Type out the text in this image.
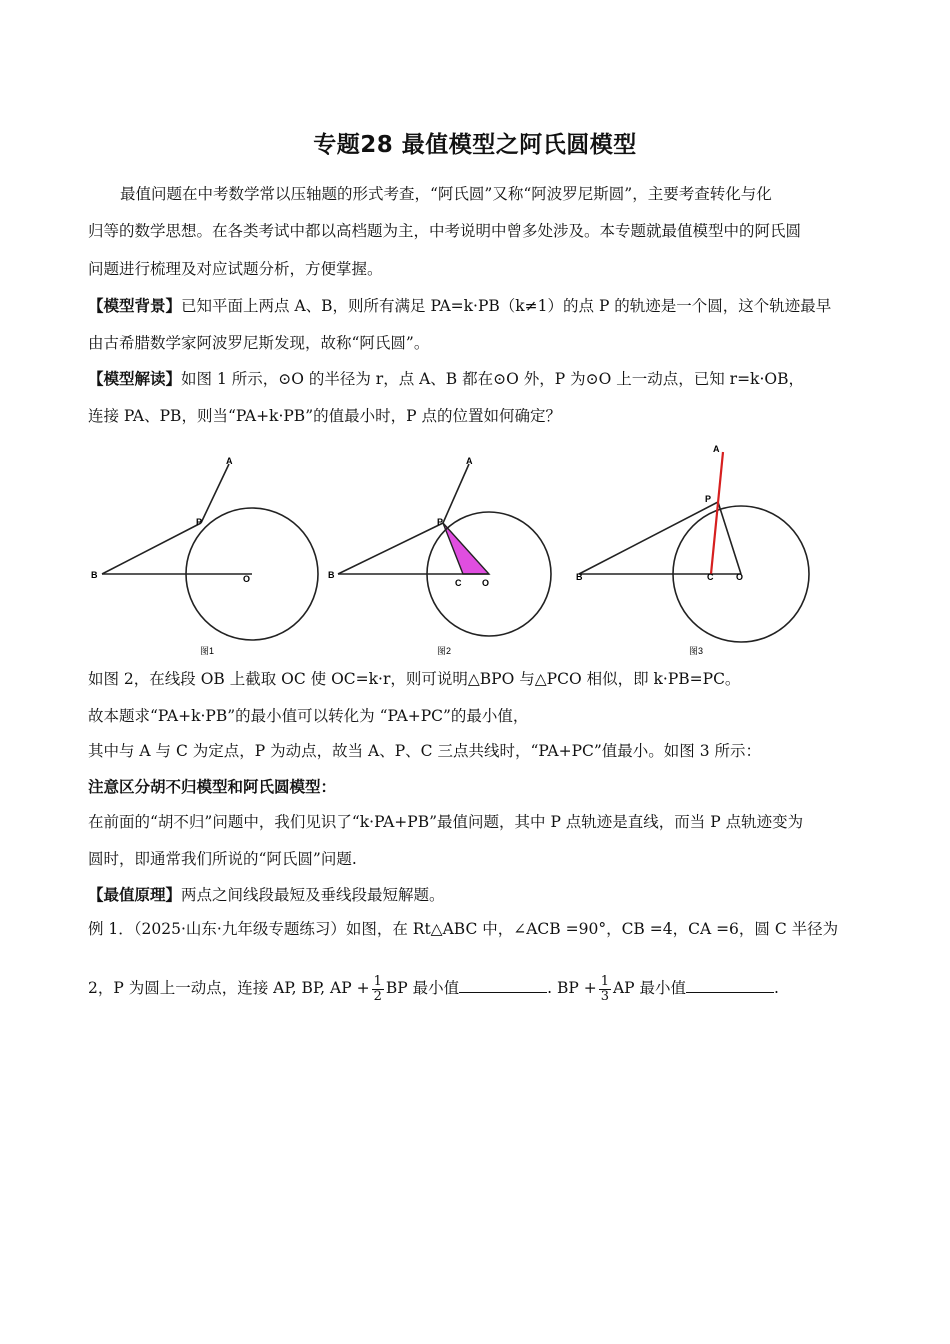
专题28 最值模型之阿氏圆模型
最值问题在中考数学常以压轴题的形式考查，“阿氏圆”又称“阿波罗尼斯圆”，主要考查转化与化
归等的数学思想。在各类考试中都以高档题为主，中考说明中曾多处涉及。本专题就最值模型中的阿氏圆
问题进行梳理及对应试题分析，方便掌握。
【模型背景】已知平面上两点 A、B，则所有满足 PA=k·PB（k≠1）的点 P 的轨迹是一个圆，这个轨迹最早
由古希腊数学家阿波罗尼斯发现，故称“阿氏圆”。
【模型解读】如图 1 所示，⊙O 的半径为 r，点 A、B 都在⊙O 外，P 为⊙O 上一动点，已知 r=k·OB，
连接 PA、PB，则当“PA+k·PB”的值最小时，P 点的位置如何确定？
A
P
B	O
图1
A
P
B
C O
图2
A
P
B	C	O
图3
如图 2，在线段 OB 上截取 OC 使 OC=k·r，则可说明△BPO 与△PCO 相似，即 k·PB=PC。
故本题求“PA+k·PB”的最小值可以转化为 “PA+PC”的最小值，
其中与 A 与 C 为定点，P 为动点，故当 A、P、C 三点共线时，“PA+PC”值最小。如图 3 所示：
注意区分胡不归模型和阿氏圆模型：
在前面的“胡不归”问题中，我们见识了“k·PA+PB”最值问题，其中 P 点轨迹是直线，而当 P 点轨迹变为
圆时，即通常我们所说的“阿氏圆”问题.
【最值原理】两点之间线段最短及垂线段最短解题。
例 1．（2025·山东·九年级专题练习）如图，在 Rt△ABC 中，∠ACB =90°，CB =4，CA =6，圆 C 半径为
2，P 为圆上一动点，连接 AP, BP, AP + $\frac{1}{2}$ BP 最小值	. BP + $\frac{1}{3}$ AP 最小值	.
